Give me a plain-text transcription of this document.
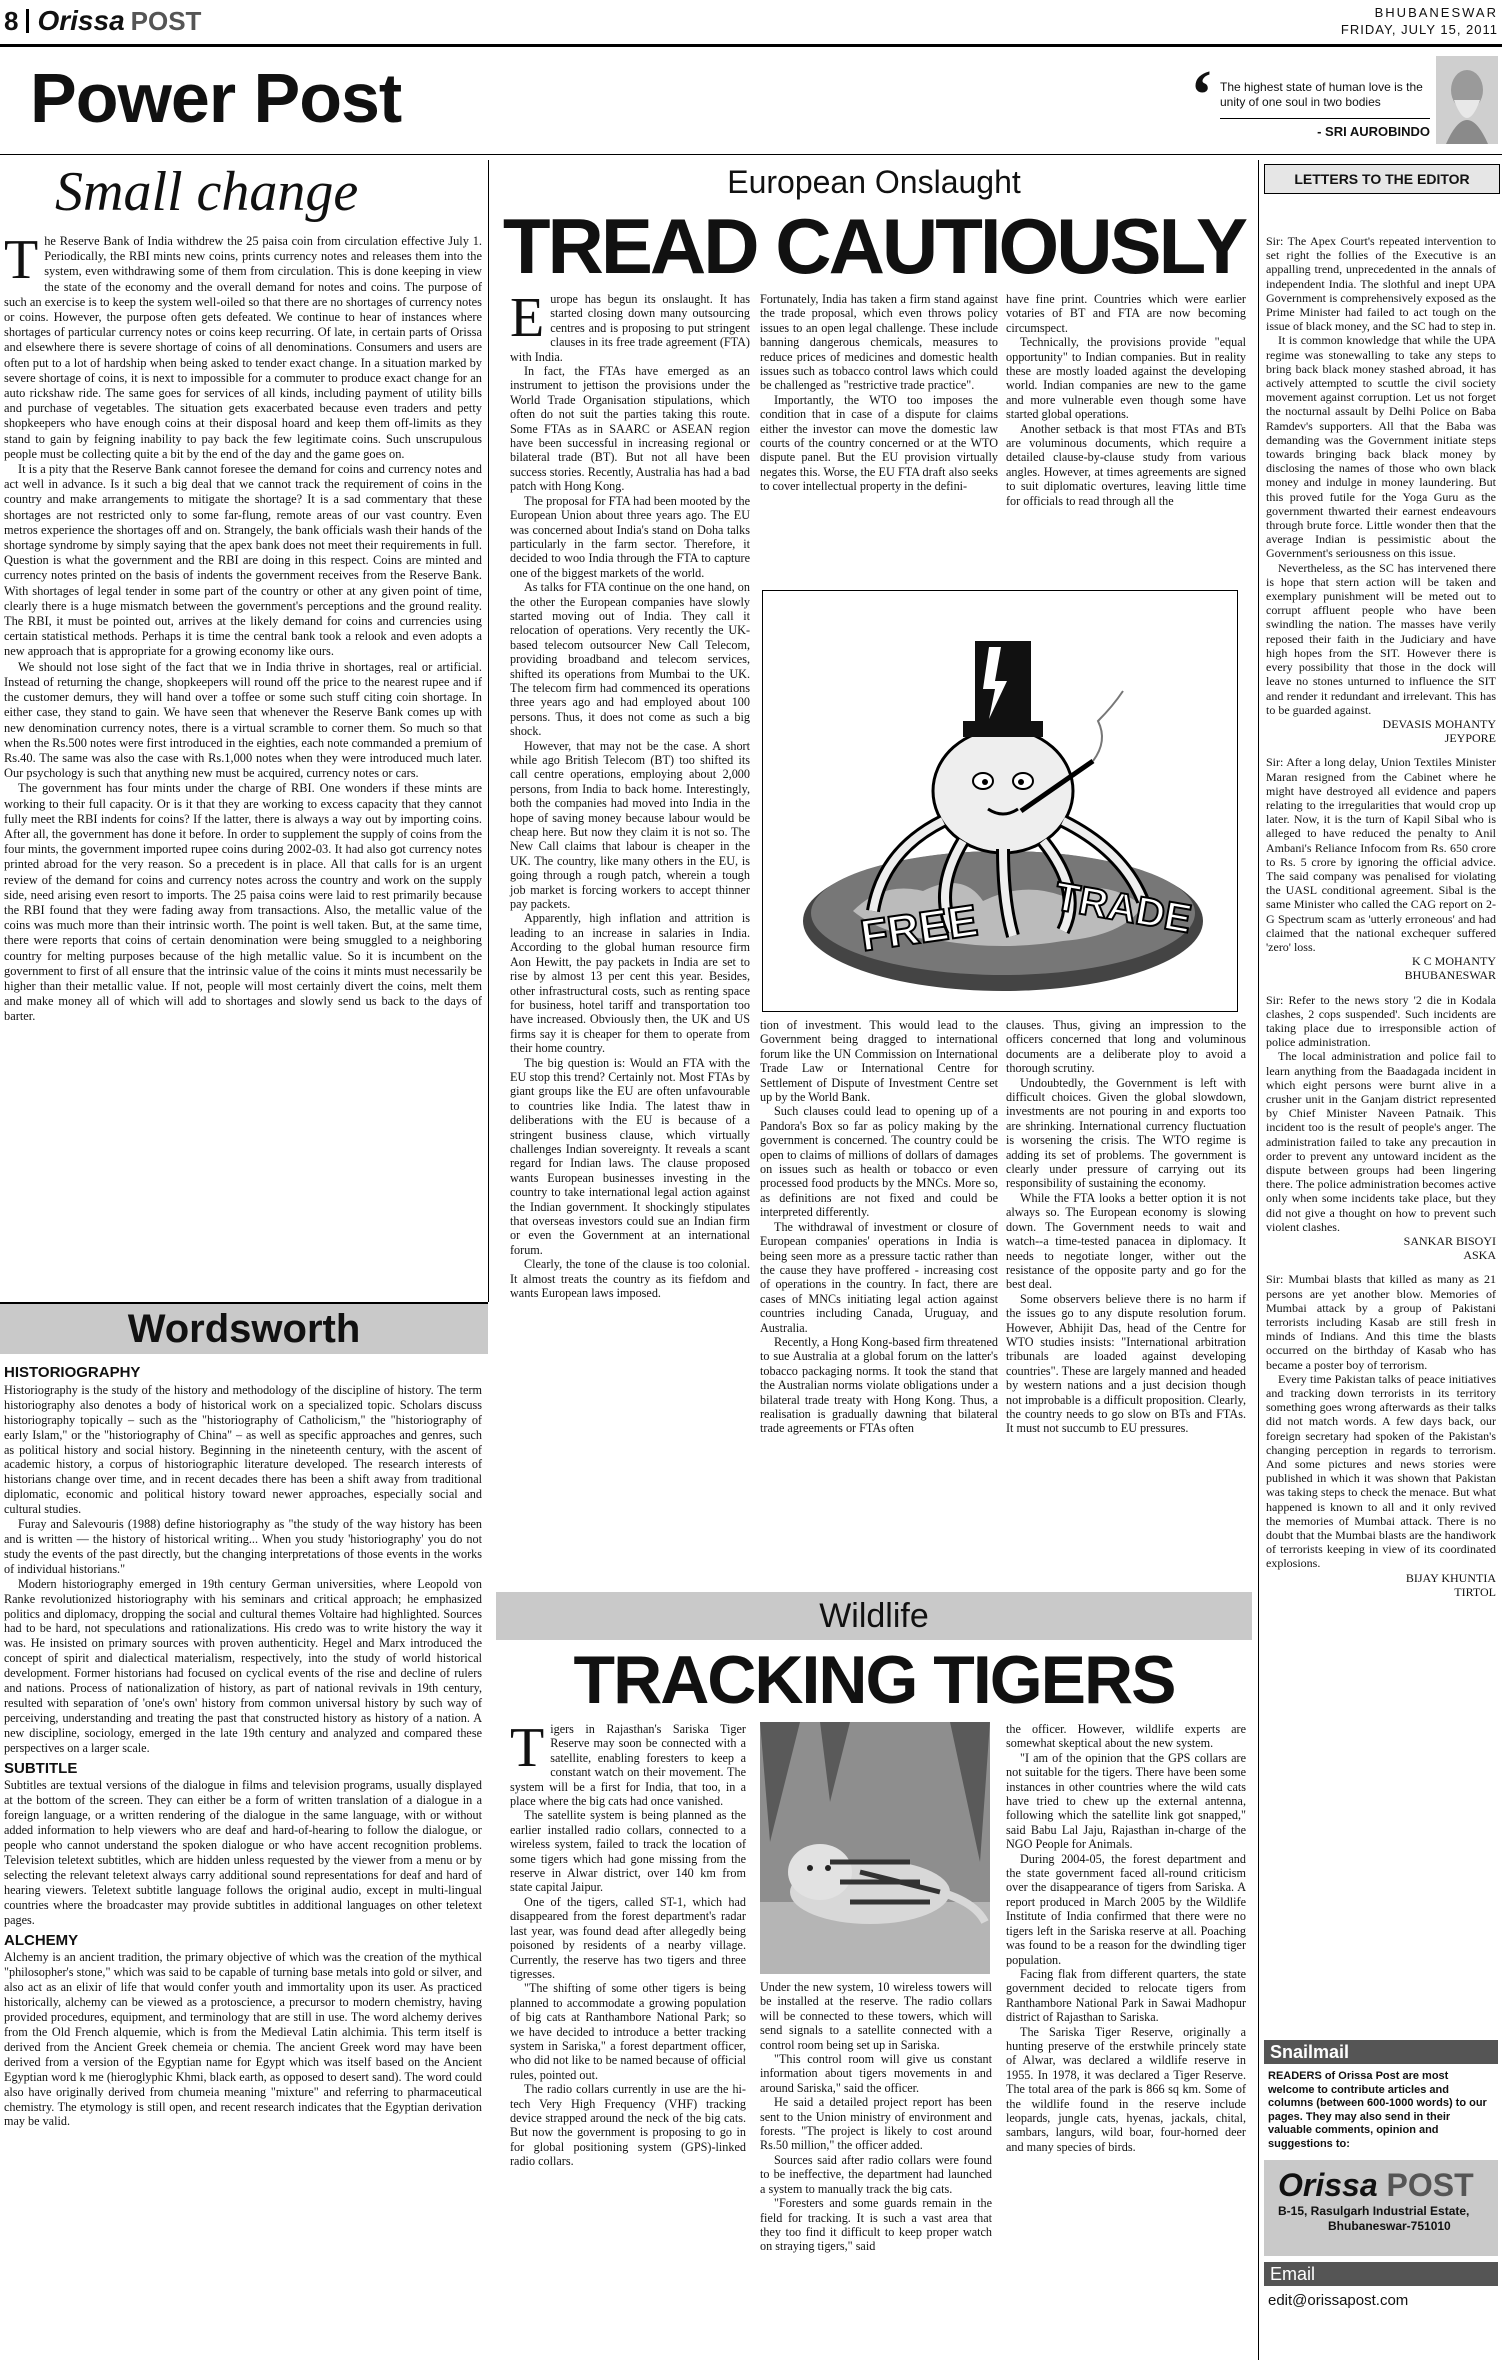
8 Orissa POST	BHUBANESWAR
FRIDAY, JULY 15, 2011
Power Post	‘ The highest state of human love is the unity of one soul in two bodies
- SRI AUROBINDO
Small change
T he Reserve Bank of India withdrew the 25 paisa coin from circulation effective July 1. Periodically, the RBI mints new coins, prints currency notes and releases them into the system, even withdrawing some of them from circulation. This is done keeping in view the state of the economy and the overall demand for notes and coins. The purpose of such an exercise is to keep the system well-oiled so that there are no shortages of currency notes or coins. However, the purpose often gets defeated. We continue to hear of instances where shortages of particular currency notes or coins keep recurring. Of late, in certain parts of Orissa and elsewhere there is severe shortage of coins of all denominations. Consumers and users are often put to a lot of hardship when being asked to tender exact change. In a situation marked by severe shortage of coins, it is next to impossible for a commuter to produce exact change for an auto rickshaw ride. The same goes for services of all kinds, including payment of utility bills and purchase of vegetables. The situation gets exacerbated because even traders and petty shopkeepers who have enough coins at their disposal hoard and keep them off-limits as they stand to gain by feigning inability to pay back the few legitimate coins. Such unscrupulous people must be collecting quite a bit by the end of the day and the game goes on.

It is a pity that the Reserve Bank cannot foresee the demand for coins and currency notes and act well in advance. Is it such a big deal that we cannot track the requirement of coins in the country and make arrangements to mitigate the shortage? It is a sad commentary that these shortages are not restricted only to some far-flung, remote areas of our vast country. Even metros experience the shortages off and on. Strangely, the bank officials wash their hands of the shortage syndrome by simply saying that the apex bank does not meet their requirements in full. Question is what the government and the RBI are doing in this respect. Coins are minted and currency notes printed on the basis of indents the government receives from the Reserve Bank. With shortages of legal tender in some part of the country or other at any given point of time, clearly there is a huge mismatch between the government's perceptions and the ground reality. The RBI, it must be pointed out, arrives at the likely demand for coins and currencies using certain statistical methods. Perhaps it is time the central bank took a relook and even adopts a new approach that is appropriate for a growing economy like ours.

We should not lose sight of the fact that we in India thrive in shortages, real or artificial. Instead of returning the change, shopkeepers will round off the price to the nearest rupee and if the customer demurs, they will hand over a toffee or some such stuff citing coin shortage. In either case, they stand to gain. We have seen that whenever the Reserve Bank comes up with new denomination currency notes, there is a virtual scramble to corner them. So much so that when the Rs.500 notes were first introduced in the eighties, each note commanded a premium of Rs.40. The same was also the case with Rs.1,000 notes when they were introduced much later. Our psychology is such that anything new must be acquired, currency notes or cars.

The government has four mints under the charge of RBI. One wonders if these mints are working to their full capacity. Or is it that they are working to excess capacity that they cannot fully meet the RBI indents for coins? If the latter, there is always a way out by importing coins. After all, the government has done it before. In order to supplement the supply of coins from the four mints, the government imported rupee coins during 2002-03. It had also got currency notes printed abroad for the very reason. So a precedent is in place. All that calls for is an urgent review of the demand for coins and currency notes across the country and work on the supply side, need arising even resort to imports. The 25 paisa coins were laid to rest primarily because the RBI found that they were fading away from transactions. Also, the metallic value of the coins was much more than their intrinsic worth. The point is well taken. But, at the same time, there were reports that coins of certain denomination were being smuggled to a neighboring country for melting purposes because of the high metallic value. So it is incumbent on the government to first of all ensure that the intrinsic value of the coins it mints must necessarily be higher than their metallic value. If not, people will most certainly divert the coins, melt them and make money all of which will add to shortages and slowly send us back to the days of barter.

Wordsworth
HISTORIOGRAPHY

Historiography is the study of the history and methodology of the discipline of history. The term historiography also denotes a body of historical work on a specialized topic. Scholars discuss historiography topically – such as the "historiography of Catholicism," the "historiography of early Islam," or the "historiography of China" – as well as specific approaches and genres, such as political history and social history. Beginning in the nineteenth century, with the ascent of academic history, a corpus of historiographic literature developed. The research interests of historians change over time, and in recent decades there has been a shift away from traditional diplomatic, economic and political history toward newer approaches, especially social and cultural studies.

Furay and Salevouris (1988) define historiography as "the study of the way history has been and is written — the history of historical writing... When you study 'historiography' you do not study the events of the past directly, but the changing interpretations of those events in the works of individual historians."

Modern historiography emerged in 19th century German universities, where Leopold von Ranke revolutionized historiography with his seminars and critical approach; he emphasized politics and diplomacy, dropping the social and cultural themes Voltaire had highlighted. Sources had to be hard, not speculations and rationalizations. His credo was to write history the way it was. He insisted on primary sources with proven authenticity. Hegel and Marx introduced the concept of spirit and dialectical materialism, respectively, into the study of world historical development. Former historians had focused on cyclical events of the rise and decline of rulers and nations. Process of nationalization of history, as part of national revivals in 19th century, resulted with separation of 'one's own' history from common universal history by such way of perceiving, understanding and treating the past that constructed history as history of a nation. A new discipline, sociology, emerged in the late 19th century and analyzed and compared these perspectives on a larger scale.

SUBTITLE

Subtitles are textual versions of the dialogue in films and television programs, usually displayed at the bottom of the screen. They can either be a form of written translation of a dialogue in a foreign language, or a written rendering of the dialogue in the same language, with or without added information to help viewers who are deaf and hard-of-hearing to follow the dialogue, or people who cannot understand the spoken dialogue or who have accent recognition problems. Television teletext subtitles, which are hidden unless requested by the viewer from a menu or by selecting the relevant teletext always carry additional sound representations for deaf and hard of hearing viewers. Teletext subtitle language follows the original audio, except in multi-lingual countries where the broadcaster may provide subtitles in additional languages on other teletext pages.

ALCHEMY

Alchemy is an ancient tradition, the primary objective of which was the creation of the mythical "philosopher's stone," which was said to be capable of turning base metals into gold or silver, and also act as an elixir of life that would confer youth and immortality upon its user. As practiced historically, alchemy can be viewed as a protoscience, a precursor to modern chemistry, having provided procedures, equipment, and terminology that are still in use. The word alchemy derives from the Old French alquemie, which is from the Medieval Latin alchimia. This term itself is derived from the Ancient Greek chemeia or chemia. The ancient Greek word may have been derived from a version of the Egyptian name for Egypt which was itself based on the Ancient Egyptian word k me (hieroglyphic Khmi, black earth, as opposed to desert sand). The word could also have originally derived from chumeia meaning "mixture" and referring to pharmaceutical chemistry. The etymology is still open, and recent research indicates that the Egyptian derivation may be valid.

European Onslaught
TREAD CAUTIOUSLY
E urope has begun its onslaught. It has started closing down many outsourcing centres and is proposing to put stringent clauses in its free trade agreement (FTA) with India.

In fact, the FTAs have emerged as an instrument to jettison the provisions under the World Trade Organisation stipulations, which often do not suit the parties taking this route. Some FTAs as in SAARC or ASEAN region have been successful in increasing regional or bilateral trade (BT). But not all have been success stories. Recently, Australia has had a bad patch with Hong Kong.

The proposal for FTA had been mooted by the European Union about three years ago. The EU was concerned about India's stand on Doha talks particularly in the farm sector. Therefore, it decided to woo India through the FTA to capture one of the biggest markets of the world.

As talks for FTA continue on the one hand, on the other the European companies have slowly started moving out of India. They call it relocation of operations. Very recently the UK-based telecom outsourcer New Call Telecom, providing broadband and telecom services, shifted its operations from Mumbai to the UK. The telecom firm had commenced its operations three years ago and had employed about 100 persons. Thus, it does not come as such a big shock.

However, that may not be the case. A short while ago British Telecom (BT) too shifted its call centre operations, employing about 2,000 persons, from India to back home. Interestingly, both the companies had moved into India in the hope of saving money because labour would be cheap here. But now they claim it is not so. The New Call claims that labour is cheaper in the UK. The country, like many others in the EU, is going through a rough patch, wherein a tough job market is forcing workers to accept thinner pay packets.

Apparently, high inflation and attrition is leading to an increase in salaries in India. According to the global human resource firm Aon Hewitt, the pay packets in India are set to rise by almost 13 per cent this year. Besides, other infrastructural costs, such as renting space for business, hotel tariff and transportation too have increased. Obviously then, the UK and US firms say it is cheaper for them to operate from their home country.

The big question is: Would an FTA with the EU stop this trend? Certainly not. Most FTAs by giant groups like the EU are often unfavourable to countries like India. The latest thaw in deliberations with the EU is because of a stringent business clause, which virtually challenges Indian sovereignty. It reveals a scant regard for Indian laws. The clause proposed wants European businesses investing in the country to take international legal action against the Indian government. It shockingly stipulates that overseas investors could sue an Indian firm or even the Government at an international forum.

Clearly, the tone of the clause is too colonial. It almost treats the country as its fiefdom and wants European laws imposed.

Fortunately, India has taken a firm stand against the trade proposal, which even throws policy issues to an open legal challenge. These include banning dangerous chemicals, measures to reduce prices of medicines and domestic health issues such as tobacco control laws which could be challenged as "restrictive trade practice".

Importantly, the WTO too imposes the condition that in case of a dispute for claims either the investor can move the domestic law courts of the country concerned or at the WTO dispute panel. But the EU provision virtually negates this. Worse, the EU FTA draft also seeks to cover intellectual property in the defini-

have fine print. Countries which were earlier votaries of BT and FTA are now becoming circumspect.

Technically, the provisions provide "equal opportunity" to Indian companies. But in reality these are mostly loaded against the developing world. Indian companies are new to the game and more vulnerable even though some have started global operations.

Another setback is that most FTAs and BTs are voluminous documents, which require a detailed clause-by-clause study from various angles. However, at times agreements are signed to suit diplomatic overtures, leaving little time for officials to read through all the

FREE TRADE

tion of investment. This would lead to the Government being dragged to international forum like the UN Commission on International Trade Law or International Centre for Settlement of Dispute of Investment Centre set up by the World Bank.

Such clauses could lead to opening up of a Pandora's Box so far as policy making by the government is concerned. The country could be open to claims of millions of dollars of damages on issues such as health or tobacco or even processed food products by the MNCs. More so, as definitions are not fixed and could be interpreted differently.

The withdrawal of investment or closure of European companies' operations in India is being seen more as a pressure tactic rather than the cause they have proffered - increasing cost of operations in the country. In fact, there are cases of MNCs initiating legal action against countries including Canada, Uruguay, and Australia.

Recently, a Hong Kong-based firm threatened to sue Australia at a global forum on the latter's tobacco packaging norms. It took the stand that the Australian norms violate obligations under a bilateral trade treaty with Hong Kong. Thus, a realisation is gradually dawning that bilateral trade agreements or FTAs often

clauses. Thus, giving an impression to the officers concerned that long and voluminous documents are a deliberate ploy to avoid a thorough scrutiny.

Undoubtedly, the Government is left with difficult choices. Given the global slowdown, investments are not pouring in and exports too are shrinking. International currency fluctuation is worsening the crisis. The WTO regime is adding its set of problems. The government is clearly under pressure of carrying out its responsibility of sustaining the economy.

While the FTA looks a better option it is not always so. The European economy is slowing down. The Government needs to wait and watch--a time-tested panacea in diplomacy. It needs to negotiate longer, wither out the resistance of the opposite party and go for the best deal.

Some observers believe there is no harm if the issues go to any dispute resolution forum. However, Abhijit Das, head of the Centre for WTO studies insists: "International arbitration tribunals are loaded against developing countries". These are largely manned and headed by western nations and a just decision though not improbable is a difficult proposition. Clearly, the country needs to go slow on BTs and FTAs. It must not succumb to EU pressures.

Wildlife
TRACKING TIGERS
T igers in Rajasthan's Sariska Tiger Reserve may soon be connected with a satellite, enabling foresters to keep a constant watch on their movement. The system will be a first for India, that too, in a place where the big cats had once vanished.

The satellite system is being planned as the earlier installed radio collars, connected to a wireless system, failed to track the location of some tigers which had gone missing from the reserve in Alwar district, over 140 km from state capital Jaipur.

One of the tigers, called ST-1, which had disappeared from the forest department's radar last year, was found dead after allegedly being poisoned by residents of a nearby village. Currently, the reserve has two tigers and three tigresses.

"The shifting of some other tigers is being planned to accommodate a growing population of big cats at Ranthambore National Park; so we have decided to introduce a better tracking system in Sariska," a forest department officer, who did not like to be named because of official rules, pointed out.

The radio collars currently in use are the hi-tech Very High Frequency (VHF) tracking device strapped around the neck of the big cats. But now the government is proposing to go in for global positioning system (GPS)-linked radio collars.

Under the new system, 10 wireless towers will be installed at the reserve. The radio collars will be connected to these towers, which will send signals to a satellite connected with a control room being set up in Sariska.

"This control room will give us constant information about tigers movements in and around Sariska," said the officer.

He said a detailed project report has been sent to the Union ministry of environment and forests. "The project is likely to cost around Rs.50 million," the officer added.

Sources said after radio collars were found to be ineffective, the department had launched a system to manually track the big cats.

"Foresters and some guards remain in the field for tracking. It is such a vast area that they too find it difficult to keep proper watch on straying tigers," said

the officer. However, wildlife experts are somewhat skeptical about the new system.

"I am of the opinion that the GPS collars are not suitable for the tigers. There have been some instances in other countries where the wild cats have tried to chew up the external antenna, following which the satellite link got snapped," said Babu Lal Jaju, Rajasthan in-charge of the NGO People for Animals.

During 2004-05, the forest department and the state government faced all-round criticism over the disappearance of tigers from Sariska. A report produced in March 2005 by the Wildlife Institute of India confirmed that there were no tigers left in the Sariska reserve at all. Poaching was found to be a reason for the dwindling tiger population.

Facing flak from different quarters, the state government decided to relocate tigers from Ranthambore National Park in Sawai Madhopur district of Rajasthan to Sariska.

The Sariska Tiger Reserve, originally a hunting preserve of the erstwhile princely state of Alwar, was declared a wildlife reserve in 1955. In 1978, it was declared a Tiger Reserve. The total area of the park is 866 sq km. Some of the wildlife found in the reserve include leopards, jungle cats, hyenas, jackals, chital, sambars, langurs, wild boar, four-horned deer and many species of birds.

LETTERS TO THE EDITOR

Sir: The Apex Court's repeated intervention to set right the follies of the Executive is an appalling trend, unprecedented in the annals of independent India. The slothful and inept UPA Government is comprehensively exposed as the Prime Minister had failed to act tough on the issue of black money, and the SC had to step in.

It is common knowledge that while the UPA regime was stonewalling to take any steps to bring back black money stashed abroad, it has actively attempted to scuttle the civil society movement against corruption. Let us not forget the nocturnal assault by Delhi Police on Baba Ramdev's supporters. All that the Baba was demanding was the Government initiate steps towards bringing back black money by disclosing the names of those who own black money and indulge in money laundering. But this proved futile for the Yoga Guru as the government thwarted their earnest endeavours through brute force. Little wonder then that the average Indian is pessimistic about the Government's seriousness on this issue.

Nevertheless, as the SC has intervened there is hope that stern action will be taken and exemplary punishment will be meted out to corrupt affluent people who have been swindling the nation. The masses have verily reposed their faith in the Judiciary and have high hopes from the SIT. However there is every possibility that those in the dock will leave no stones unturned to influence the SIT and render it redundant and irrelevant. This has to be guarded against.

DEVASIS MOHANTY

JEYPORE

Sir: After a long delay, Union Textiles Minister Maran resigned from the Cabinet where he might have destroyed all evidence and papers relating to the irregularities that would crop up later. Now, it is the turn of Kapil Sibal who is alleged to have reduced the penalty to Anil Ambani's Reliance Infocom from Rs. 650 crore to Rs. 5 crore by ignoring the official advice. The said company was penalised for violating the UASL conditional agreement. Sibal is the same Minister who called the CAG report on 2-G Spectrum scam as 'utterly erroneous' and had claimed that the national exchequer suffered 'zero' loss.

K C MOHANTY

BHUBANESWAR

Sir: Refer to the news story '2 die in Kodala clashes, 2 cops suspended'. Such incidents are taking place due to irresponsible action of police administration.

The local administration and police fail to learn anything from the Baadagada incident in which eight persons were burnt alive in a crusher unit in the Ganjam district represented by Chief Minister Naveen Patnaik. This incident too is the result of people's anger. The administration failed to take any precaution in order to prevent any untoward incident as the dispute between groups had been lingering there. The police administration becomes active only when some incidents take place, but they did not give a thought on how to prevent such violent clashes.

SANKAR BISOYI

ASKA

Sir: Mumbai blasts that killed as many as 21 persons are yet another blow. Memories of Mumbai attack by a group of Pakistani terrorists including Kasab are still fresh in minds of Indians. And this time the blasts occurred on the birthday of Kasab who has became a poster boy of terrorism.

Every time Pakistan talks of peace initiatives and tracking down terrorists in its territory something goes wrong afterwards as their talks did not match words. A few days back, our foreign secretary had spoken of the Pakistan's changing perception in regards to terrorism. And some pictures and news stories were published in which it was shown that Pakistan was taking steps to check the menace. But what happened is known to all and it only revived the memories of Mumbai attack. There is no doubt that the Mumbai blasts are the handiwork of terrorists keeping in view of its coordinated explosions.

BIJAY KHUNTIA

TIRTOL

Snailmail
READERS of Orissa Post are most welcome to contribute articles and columns (between 600-1000 words) to our pages. They may also send in their valuable comments, opinion and suggestions to:
Orissa POST
B-15, Rasulgarh Industrial Estate,
Bhubaneswar-751010
Email
edit@orissapost.com
